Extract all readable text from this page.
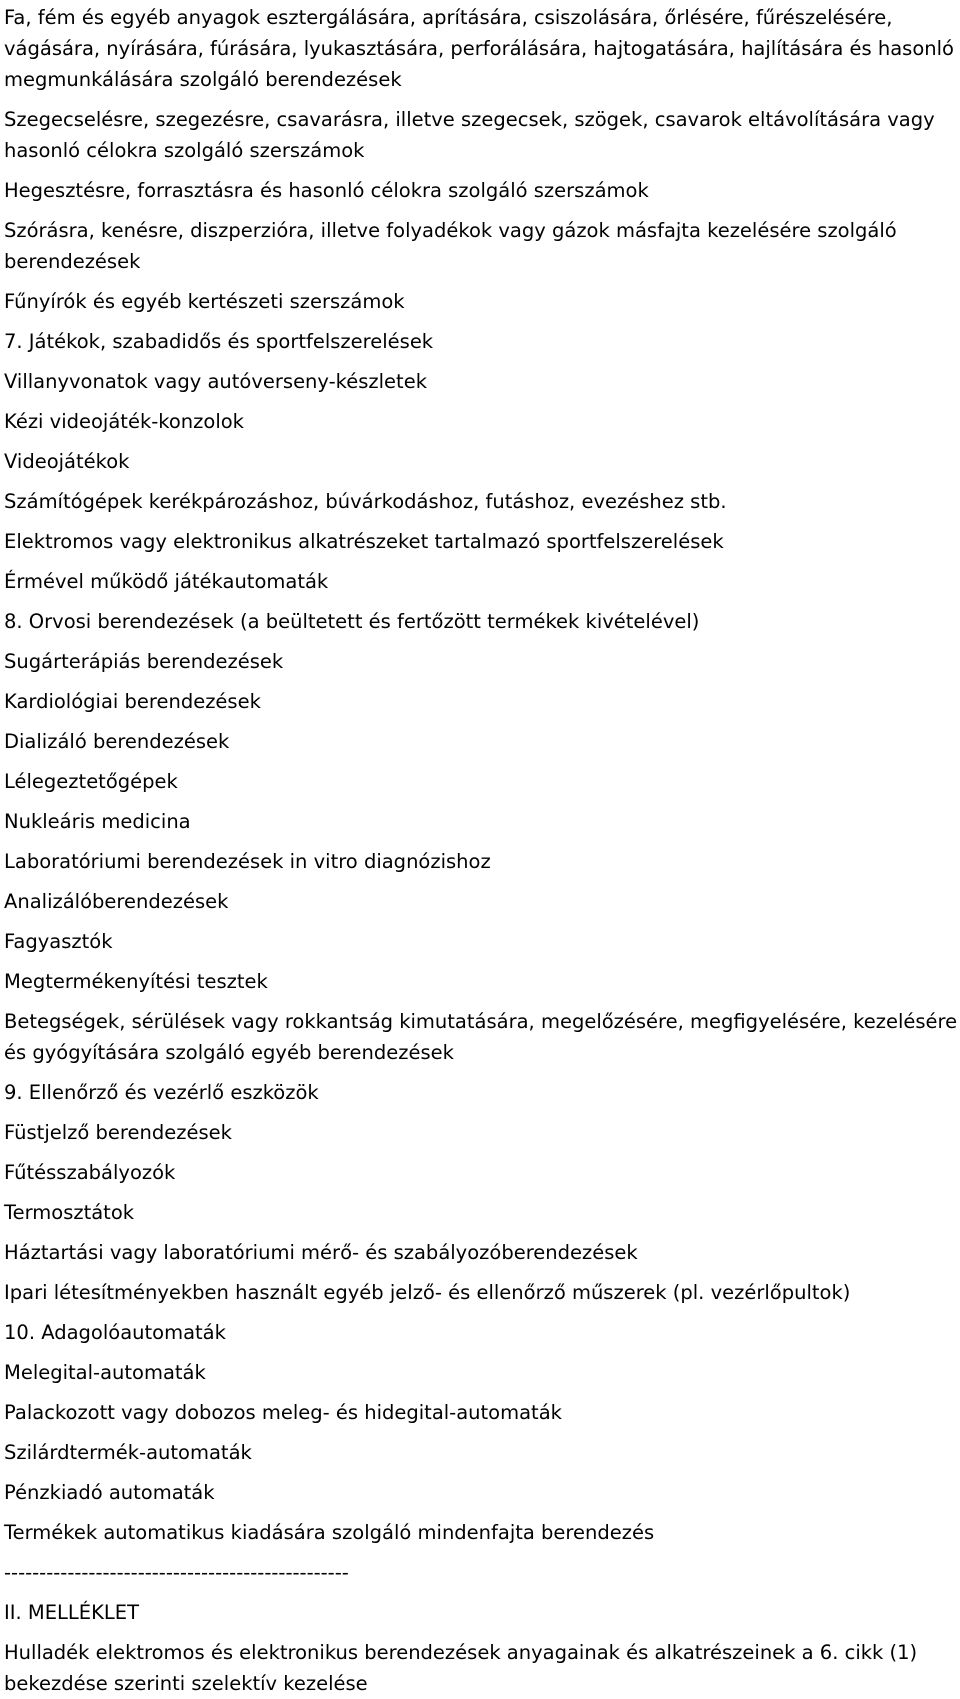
Fa, fém és egyéb anyagok esztergálására, aprítására, csiszolására, őrlésére, fűrészelésére, vágására, nyírására, fúrására, lyukasztására, perforálására, hajtogatására, hajlítására és hasonló megmunkálására szolgáló berendezések

Szegecselésre, szegezésre, csavarásra, illetve szegecsek, szögek, csavarok eltávolítására vagy hasonló célokra szolgáló szerszámok

Hegesztésre, forrasztásra és hasonló célokra szolgáló szerszámok

Szórásra, kenésre, diszperzióra, illetve folyadékok vagy gázok másfajta kezelésére szolgáló berendezések

Fűnyírók és egyéb kertészeti szerszámok

7. Játékok, szabadidős és sportfelszerelések

Villanyvonatok vagy autóverseny-készletek

Kézi videojáték-konzolok

Videojátékok

Számítógépek kerékpározáshoz, búvárkodáshoz, futáshoz, evezéshez stb.

Elektromos vagy elektronikus alkatrészeket tartalmazó sportfelszerelések

Érmével működő játékautomaták

8. Orvosi berendezések (a beültetett és fertőzött termékek kivételével)

Sugárterápiás berendezések

Kardiológiai berendezések

Dializáló berendezések

Lélegeztetőgépek

Nukleáris medicina

Laboratóriumi berendezések in vitro diagnózishoz

Analizálóberendezések

Fagyasztók

Megtermékenyítési tesztek

Betegségek, sérülések vagy rokkantság kimutatására, megelőzésére, megfigyelésére, kezelésére és gyógyítására szolgáló egyéb berendezések

9. Ellenőrző és vezérlő eszközök

Füstjelző berendezések

Fűtésszabályozók

Termosztátok

Háztartási vagy laboratóriumi mérő- és szabályozóberendezések

Ipari létesítményekben használt egyéb jelző- és ellenőrző műszerek (pl. vezérlőpultok)

10. Adagolóautomaták

Melegital-automaták

Palackozott vagy dobozos meleg- és hidegital-automaták

Szilárdtermék-automaták

Pénzkiadó automaták

Termékek automatikus kiadására szolgáló mindenfajta berendezés

-------------------------------------------------

II. MELLÉKLET

Hulladék elektromos és elektronikus berendezések anyagainak és alkatrészeinek a 6. cikk (1) bekezdése szerinti szelektív kezelése
